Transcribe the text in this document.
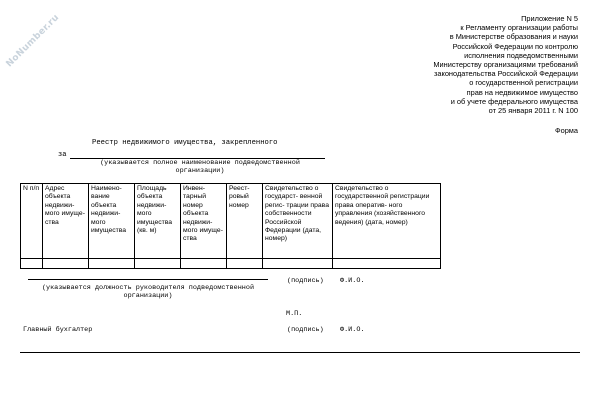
NoNumber.ru	Приложение N 5
к Регламенту организации работы
в Министерстве образования и науки
Российской Федерации по контролю
исполнения подведомственными
Министерству организациями требований
законодательства Российской Федерации
о государственной регистрации
прав на недвижимое имущество
и об учете федерального имущества
от 25 января 2011 г. N 100
Форма
Реестр недвижимого имущества, закрепленного
за
(указывается полное наименование подведомственной организации)
N п/п	Адрес объекта недвижи- мого имуще- ства	Наимено- вание объекта недвижи- мого имущества	Площадь объекта недвижи- мого имущества (кв. м)	Инвен- тарный номер объекта недвижи- мого имуще- ства	Реест- ровый номер	Свидетельство о государст- венной регис- трации права собственности Российской Федерации (дата, номер)	Свидетельство о государственной регистрации права оператив- ного управления (хозяйственного ведения) (дата, номер)

(указывается должность руководителя подведомственной организации)
(подпись) Ф.И.О.
М.П.
Главный бухгалтер	(подпись) Ф.И.О.
